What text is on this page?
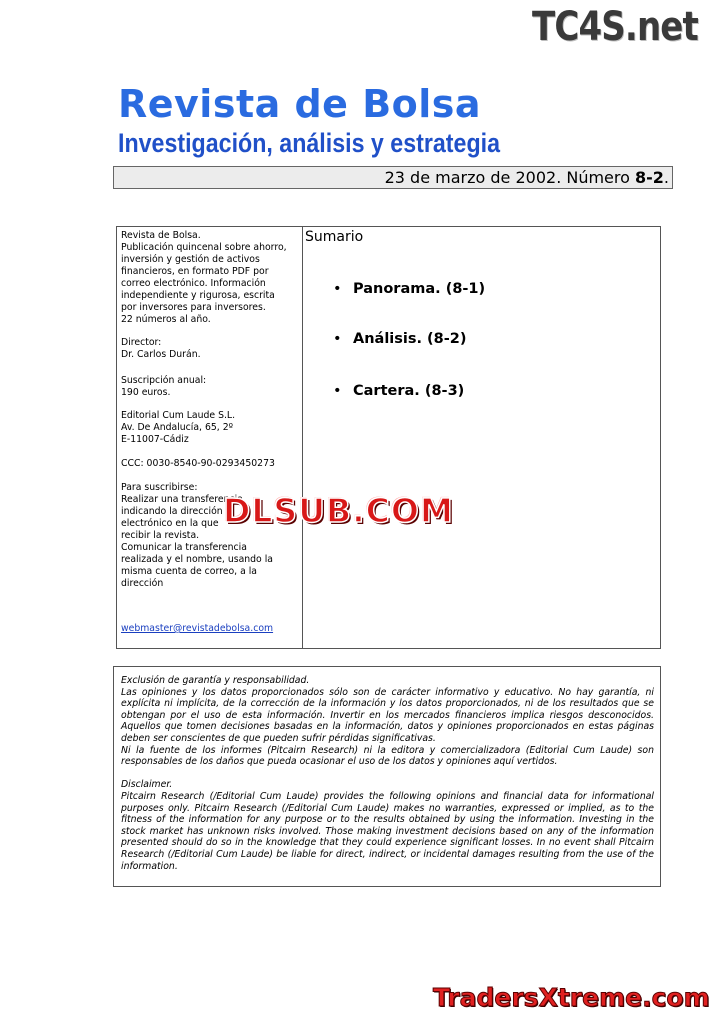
TC4S.net
Revista de Bolsa
Investigación, análisis y estrategia
23 de marzo de 2002. Número 8-2.
Revista de Bolsa.
Publicación quincenal sobre ahorro,
inversión y gestión de activos
financieros, en formato PDF por
correo electrónico. Información
independiente y rigurosa, escrita
por inversores para inversores.
22 números al año.
Director:
Dr. Carlos Durán.
Suscripción anual:
190 euros.
Editorial Cum Laude S.L.
Av. De Andalucía, 65, 2º
E-11007-Cádiz
CCC: 0030-8540-90-0293450273
Para suscribirse:
Realizar una transferencia
indicando la dirección
electrónico en la que
recibir la revista.
Comunicar la transferencia
realizada y el nombre, usando la
misma cuenta de correo, a la
dirección
webmaster@revistadebolsa.com
Sumario
• Panorama. (8-1)
• Análisis. (8-2)
• Cartera. (8-3)
DLSUB.COM

Exclusión de garantía y responsabilidad.

Las opiniones y los datos proporcionados sólo son de carácter informativo y educativo. No hay garantía, ni explícita ni implícita, de la corrección de la información y los datos proporcionados, ni de los resultados que se obtengan por el uso de esta información. Invertir en los mercados financieros implica riesgos desconocidos. Aquellos que tomen decisiones basadas en la información, datos y opiniones proporcionados en estas páginas deben ser conscientes de que pueden sufrir pérdidas significativas.

Ni la fuente de los informes (Pitcairn Research) ni la editora y comercializadora (Editorial Cum Laude) son responsables de los daños que pueda ocasionar el uso de los datos y opiniones aquí vertidos.

Disclaimer.

Pitcairn Research (/Editorial Cum Laude) provides the following opinions and financial data for informational purposes only. Pitcairn Research (/Editorial Cum Laude) makes no warranties, expressed or implied, as to the fitness of the information for any purpose or to the results obtained by using the information. Investing in the stock market has unknown risks involved. Those making investment decisions based on any of the information presented should do so in the knowledge that they could experience significant losses. In no event shall Pitcairn Research (/Editorial Cum Laude) be liable for direct, indirect, or incidental damages resulting from the use of the information.

TradersXtreme.com
